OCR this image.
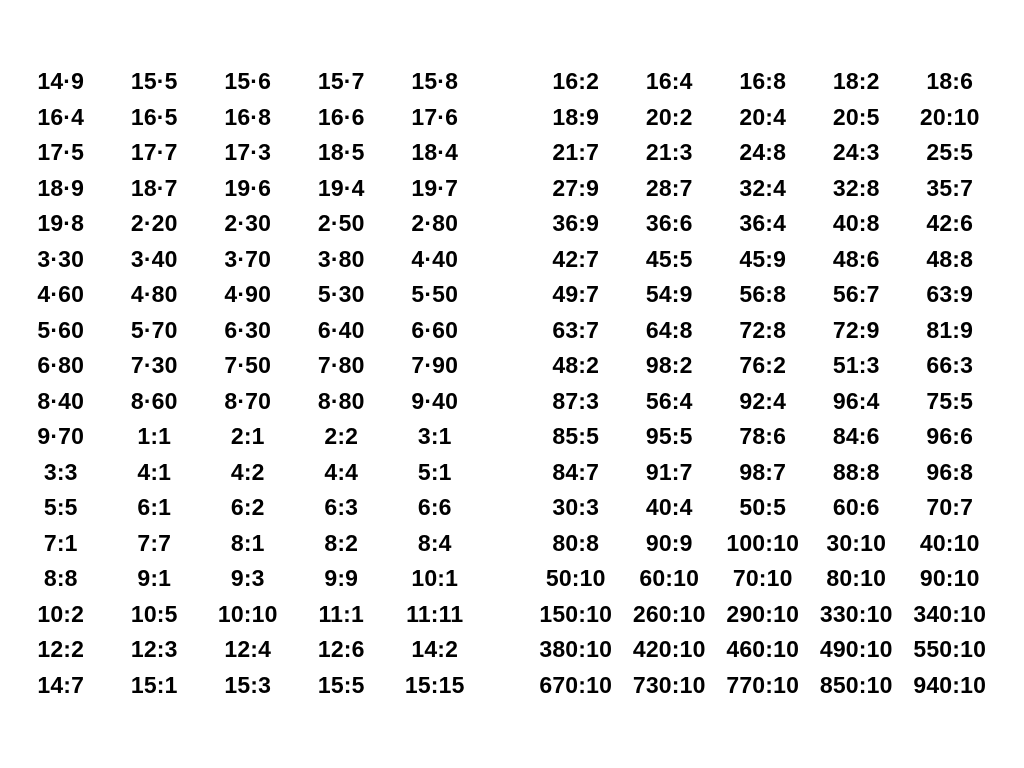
14·9	15·5	15·6	15·7	15·8
16·4	16·5	16·8	16·6	17·6
17·5	17·7	17·3	18·5	18·4
18·9	18·7	19·6	19·4	19·7
19·8	2·20	2·30	2·50	2·80
3·30	3·40	3·70	3·80	4·40
4·60	4·80	4·90	5·30	5·50
5·60	5·70	6·30	6·40	6·60
6·80	7·30	7·50	7·80	7·90
8·40	8·60	8·70	8·80	9·40
9·70	1:1	2:1	2:2	3:1
3:3	4:1	4:2	4:4	5:1
5:5	6:1	6:2	6:3	6:6
7:1	7:7	8:1	8:2	8:4
8:8	9:1	9:3	9:9	10:1
10:2	10:5	10:10	11:1	11:11
12:2	12:3	12:4	12:6	14:2
14:7	15:1	15:3	15:5	15:15
16:2	16:4	16:8	18:2	18:6
18:9	20:2	20:4	20:5	20:10
21:7	21:3	24:8	24:3	25:5
27:9	28:7	32:4	32:8	35:7
36:9	36:6	36:4	40:8	42:6
42:7	45:5	45:9	48:6	48:8
49:7	54:9	56:8	56:7	63:9
63:7	64:8	72:8	72:9	81:9
48:2	98:2	76:2	51:3	66:3
87:3	56:4	92:4	96:4	75:5
85:5	95:5	78:6	84:6	96:6
84:7	91:7	98:7	88:8	96:8
30:3	40:4	50:5	60:6	70:7
80:8	90:9	100:10	30:10	40:10
50:10	60:10	70:10	80:10	90:10
150:10 260:10 290:10 330:10 340:10
380:10 420:10 460:10 490:10 550:10
670:10 730:10 770:10 850:10 940:10
